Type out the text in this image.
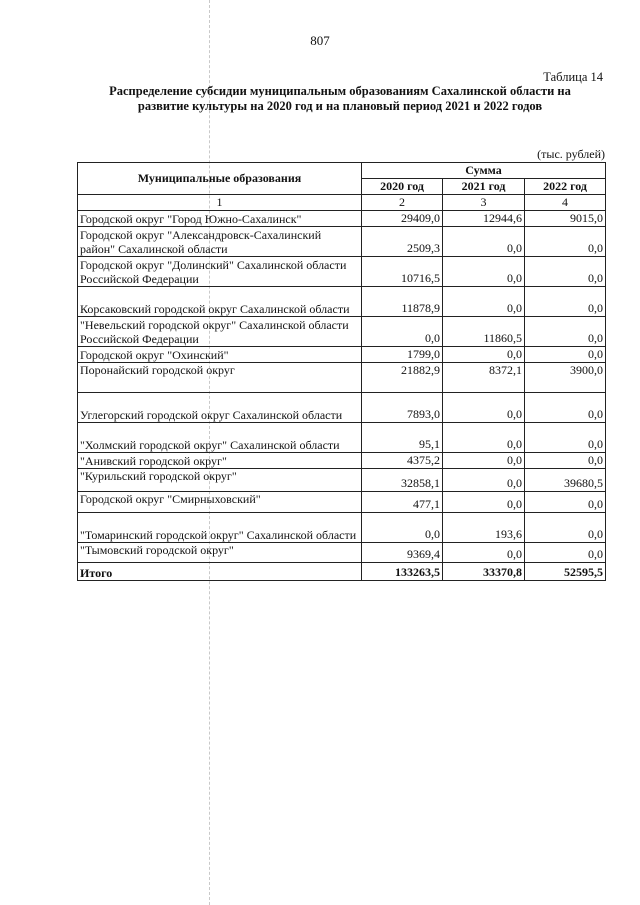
807
Таблица 14
Распределение субсидии муниципальным образованиям Сахалинской области на
развитие культуры на 2020 год и на плановый период 2021 и 2022 годов
(тыс. рублей)
Муниципальные образования	Сумма		
	2020 год	2021 год	2022 год
1	2	3	4
Городской округ "Город Южно-Сахалинск"	29409,0	12944,6	9015,0
Городской округ "Александровск-Сахалинский район" Сахалинской области	2509,3	0,0	0,0
Городской округ "Долинский" Сахалинской области Российской Федерации	10716,5	0,0	0,0
Корсаковский городской округ Сахалинской области	11878,9	0,0	0,0
"Невельский городской округ" Сахалинской области Российской Федерации	0,0	11860,5	0,0
Городской округ "Охинский"	1799,0	0,0	0,0
Поронайский городской округ	21882,9	8372,1	3900,0
Углегорский городской округ Сахалинской области	7893,0	0,0	0,0
"Холмский городской округ" Сахалинской области	95,1	0,0	0,0
"Анивский городской округ"	4375,2	0,0	0,0
"Курильский городской округ"	32858,1	0,0	39680,5
Городской округ "Смирныховский"	477,1	0,0	0,0
"Томаринский городской округ" Сахалинской области	0,0	193,6	0,0
"Тымовский городской округ"	9369,4	0,0	0,0
Итого	133263,5	33370,8	52595,5
